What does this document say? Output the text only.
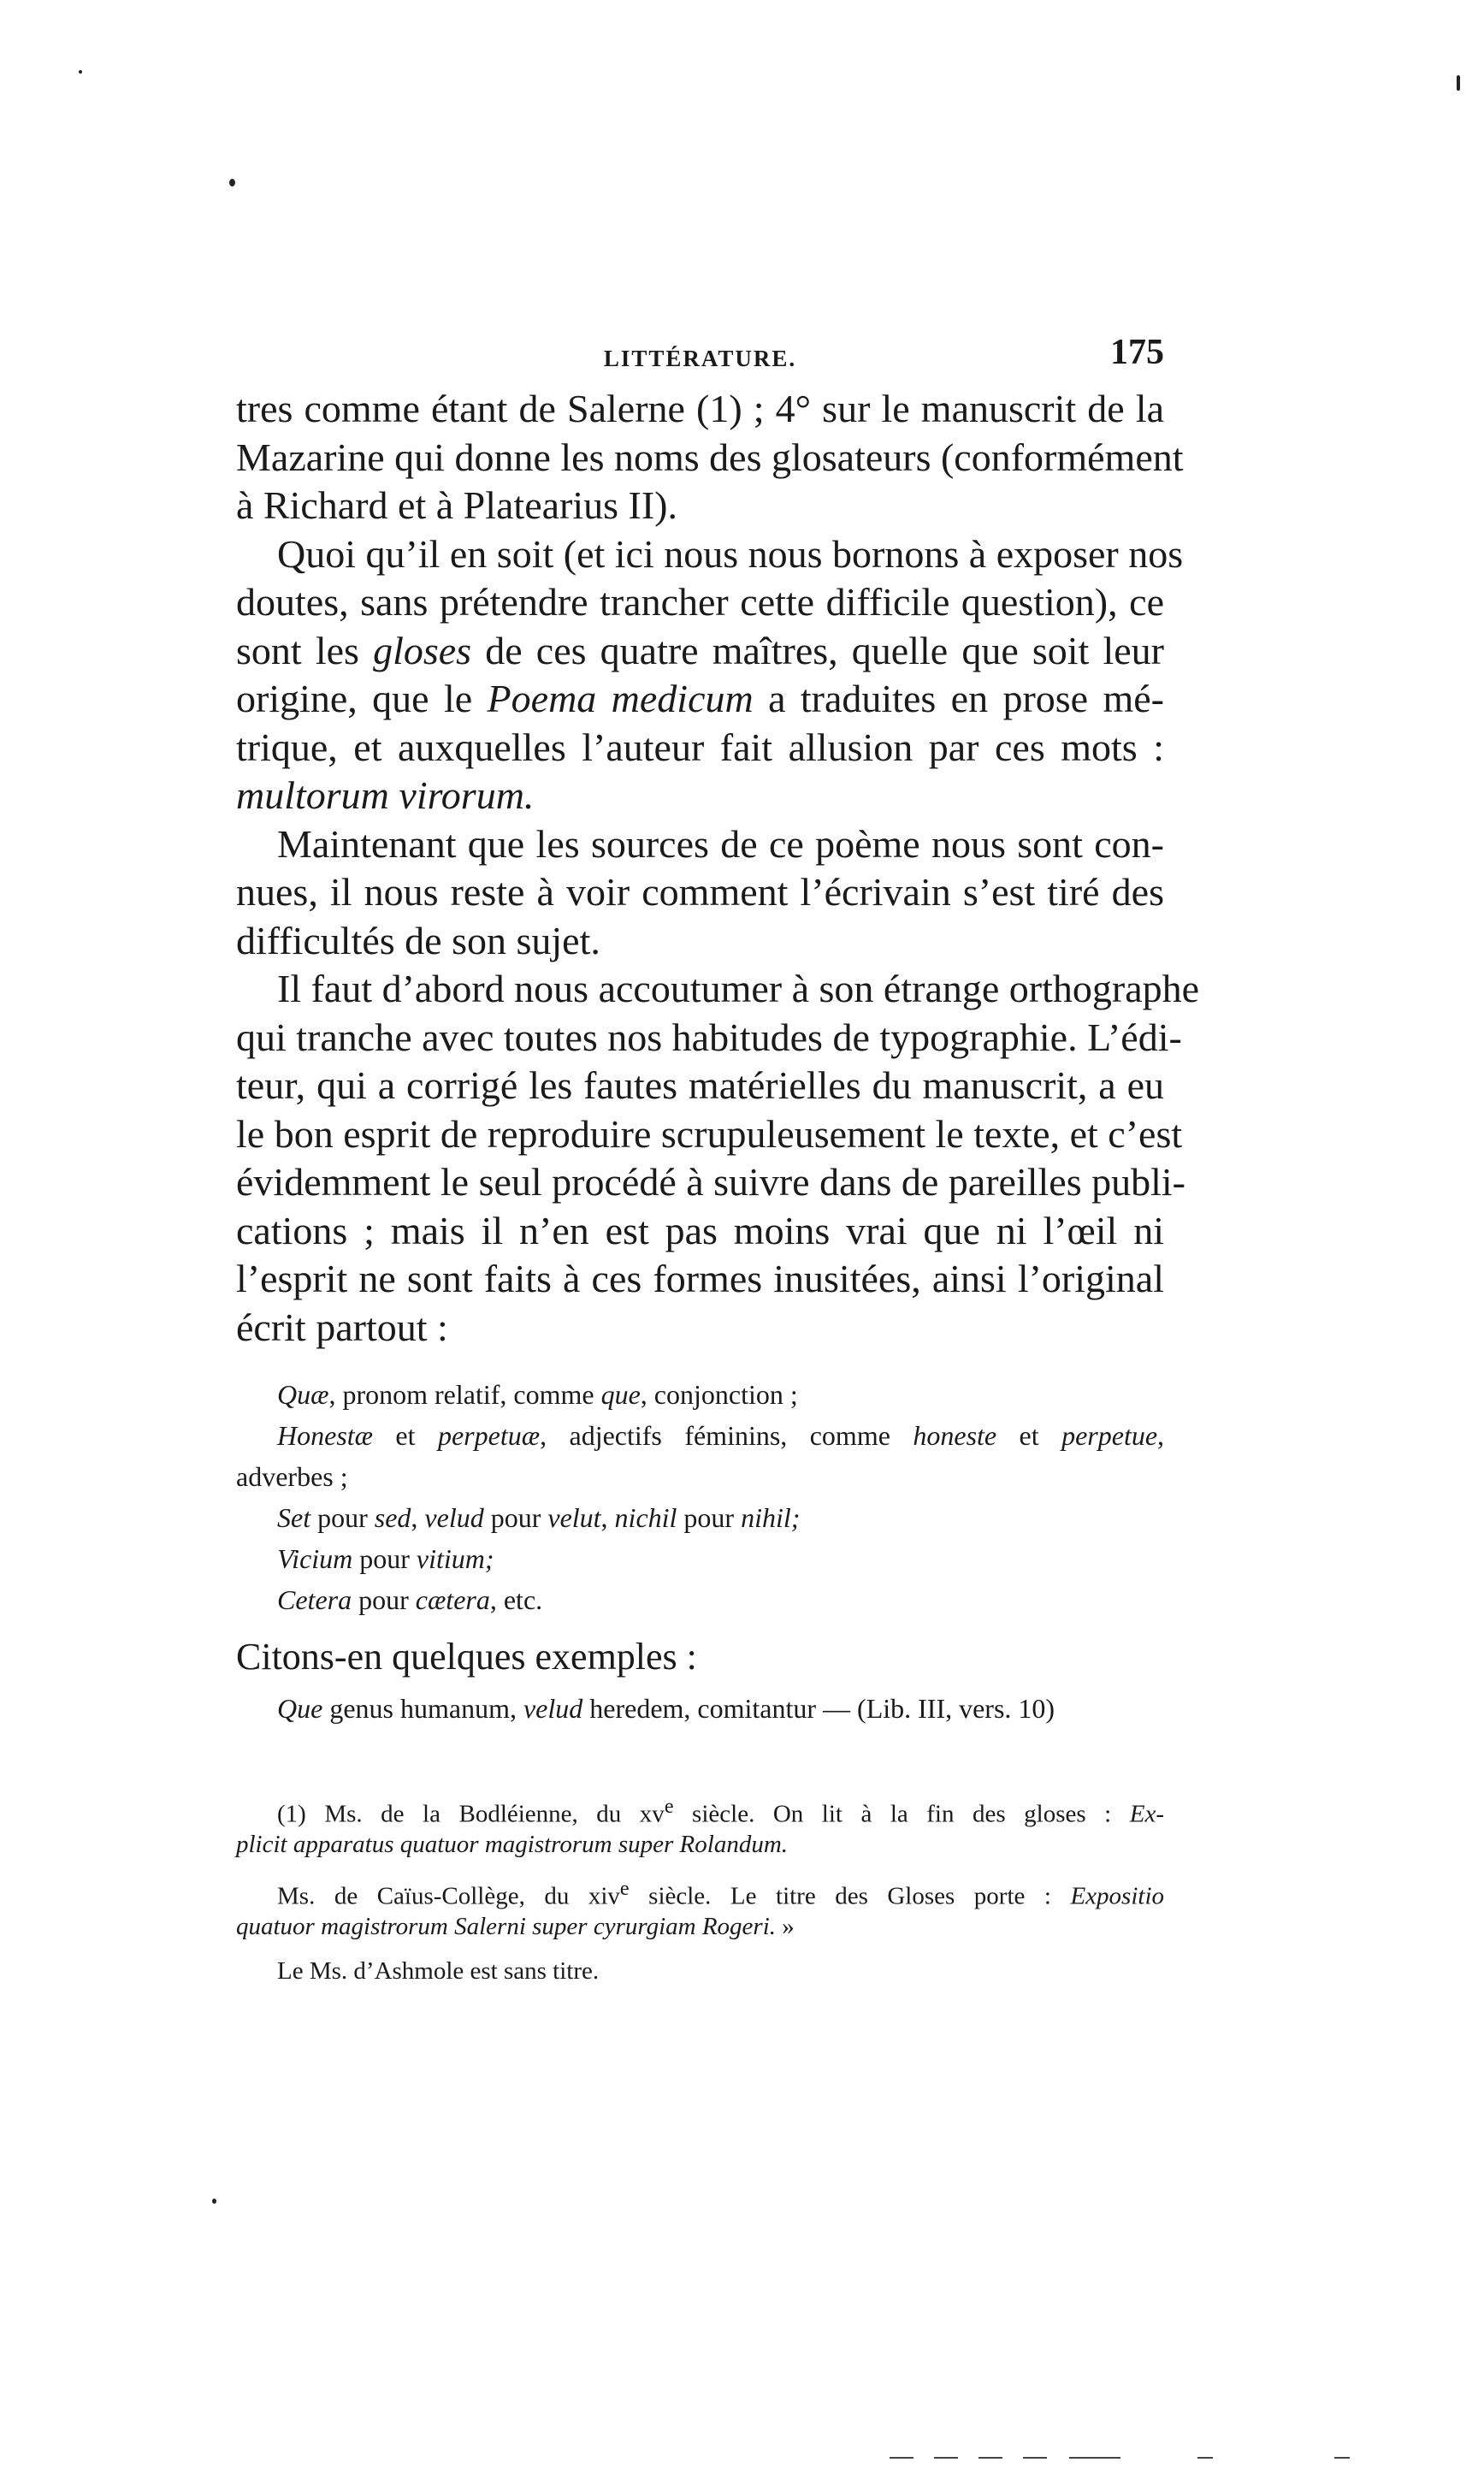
LITTÉRATURE.	175
tres comme étant de Salerne (1) ; 4° sur le manuscrit de la
Mazarine qui donne les noms des glosateurs (conformément
à Richard et à Platearius II).
Quoi qu’il en soit (et ici nous nous bornons à exposer nos
doutes, sans prétendre trancher cette difficile question), ce
sont les gloses de ces quatre maîtres, quelle que soit leur
origine, que le Poema medicum a traduites en prose mé-
trique, et auxquelles l’auteur fait allusion par ces mots :
multorum virorum.
Maintenant que les sources de ce poème nous sont con-
nues, il nous reste à voir comment l’écrivain s’est tiré des
difficultés de son sujet.
Il faut d’abord nous accoutumer à son étrange orthographe
qui tranche avec toutes nos habitudes de typographie. L’édi-
teur, qui a corrigé les fautes matérielles du manuscrit, a eu
le bon esprit de reproduire scrupuleusement le texte, et c’est
évidemment le seul procédé à suivre dans de pareilles publi-
cations ; mais il n’en est pas moins vrai que ni l’œil ni
l’esprit ne sont faits à ces formes inusitées, ainsi l’original
écrit partout :
Quæ, pronom relatif, comme que, conjonction ;
Honestæ et perpetuæ, adjectifs féminins, comme honeste et perpetue,
adverbes ;
Set pour sed, velud pour velut, nichil pour nihil;
Vicium pour vitium;
Cetera pour cætera, etc.
Citons-en quelques exemples :
Que genus humanum, velud heredem, comitantur — (Lib. III, vers. 10)
(1) Ms. de la Bodléienne, du $xv^e$ siècle. On lit à la fin des gloses : Ex-
plicit apparatus quatuor magistrorum super Rolandum.
Ms. de Caïus-Collège, du xiv$^e$ siècle. Le titre des Gloses porte : Expositio
quatuor magistrorum Salerni super cyrurgiam Rogeri. »
Le Ms. d’Ashmole est sans titre.
